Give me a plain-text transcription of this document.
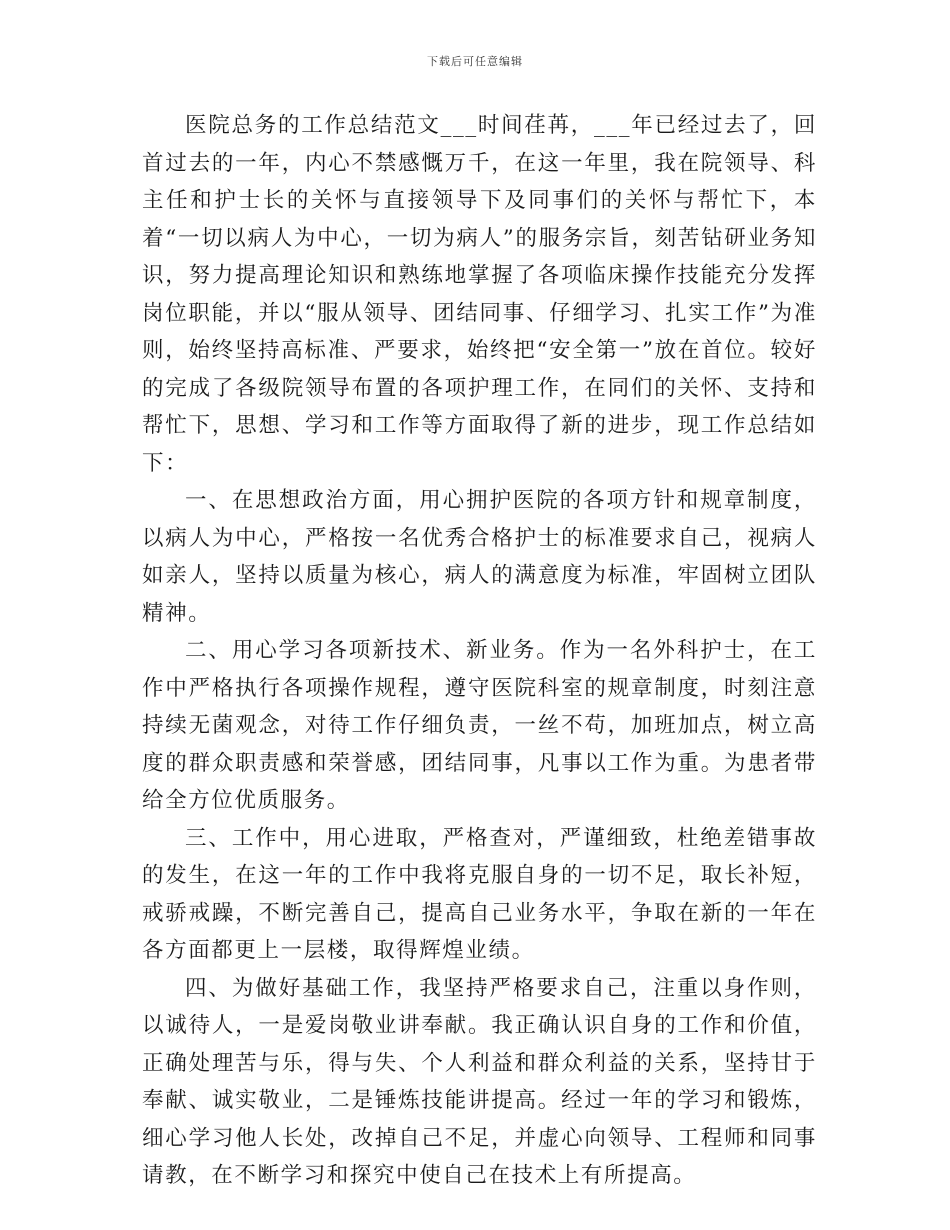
下载后可任意编辑

医院总务的工作总结范文___时间荏苒，___年已经过去了，回首过去的一年，内心不禁感慨万千，在这一年里，我在院领导、科主任和护士长的关怀与直接领导下及同事们的关怀与帮忙下，本着“一切以病人为中心，一切为病人”的服务宗旨，刻苦钻研业务知识，努力提高理论知识和熟练地掌握了各项临床操作技能充分发挥岗位职能，并以“服从领导、团结同事、仔细学习、扎实工作”为准则，始终坚持高标准、严要求，始终把“安全第一”放在首位。较好的完成了各级院领导布置的各项护理工作，在同们的关怀、支持和帮忙下，思想、学习和工作等方面取得了新的进步，现工作总结如下：

一、在思想政治方面，用心拥护医院的各项方针和规章制度，以病人为中心，严格按一名优秀合格护士的标准要求自己，视病人如亲人，坚持以质量为核心，病人的满意度为标准，牢固树立团队精神。

二、用心学习各项新技术、新业务。作为一名外科护士，在工作中严格执行各项操作规程，遵守医院科室的规章制度，时刻注意持续无菌观念，对待工作仔细负责，一丝不苟，加班加点，树立高度的群众职责感和荣誉感，团结同事，凡事以工作为重。为患者带给全方位优质服务。

三、工作中，用心进取，严格查对，严谨细致，杜绝差错事故的发生，在这一年的工作中我将克服自身的一切不足，取长补短，戒骄戒躁，不断完善自己，提高自己业务水平，争取在新的一年在各方面都更上一层楼，取得辉煌业绩。

四、为做好基础工作，我坚持严格要求自己，注重以身作则，以诚待人，一是爱岗敬业讲奉献。我正确认识自身的工作和价值，正确处理苦与乐，得与失、个人利益和群众利益的关系，坚持甘于奉献、诚实敬业，二是锤炼技能讲提高。经过一年的学习和锻炼，细心学习他人长处，改掉自己不足，并虚心向领导、工程师和同事请教，在不断学习和探究中使自己在技术上有所提高。
